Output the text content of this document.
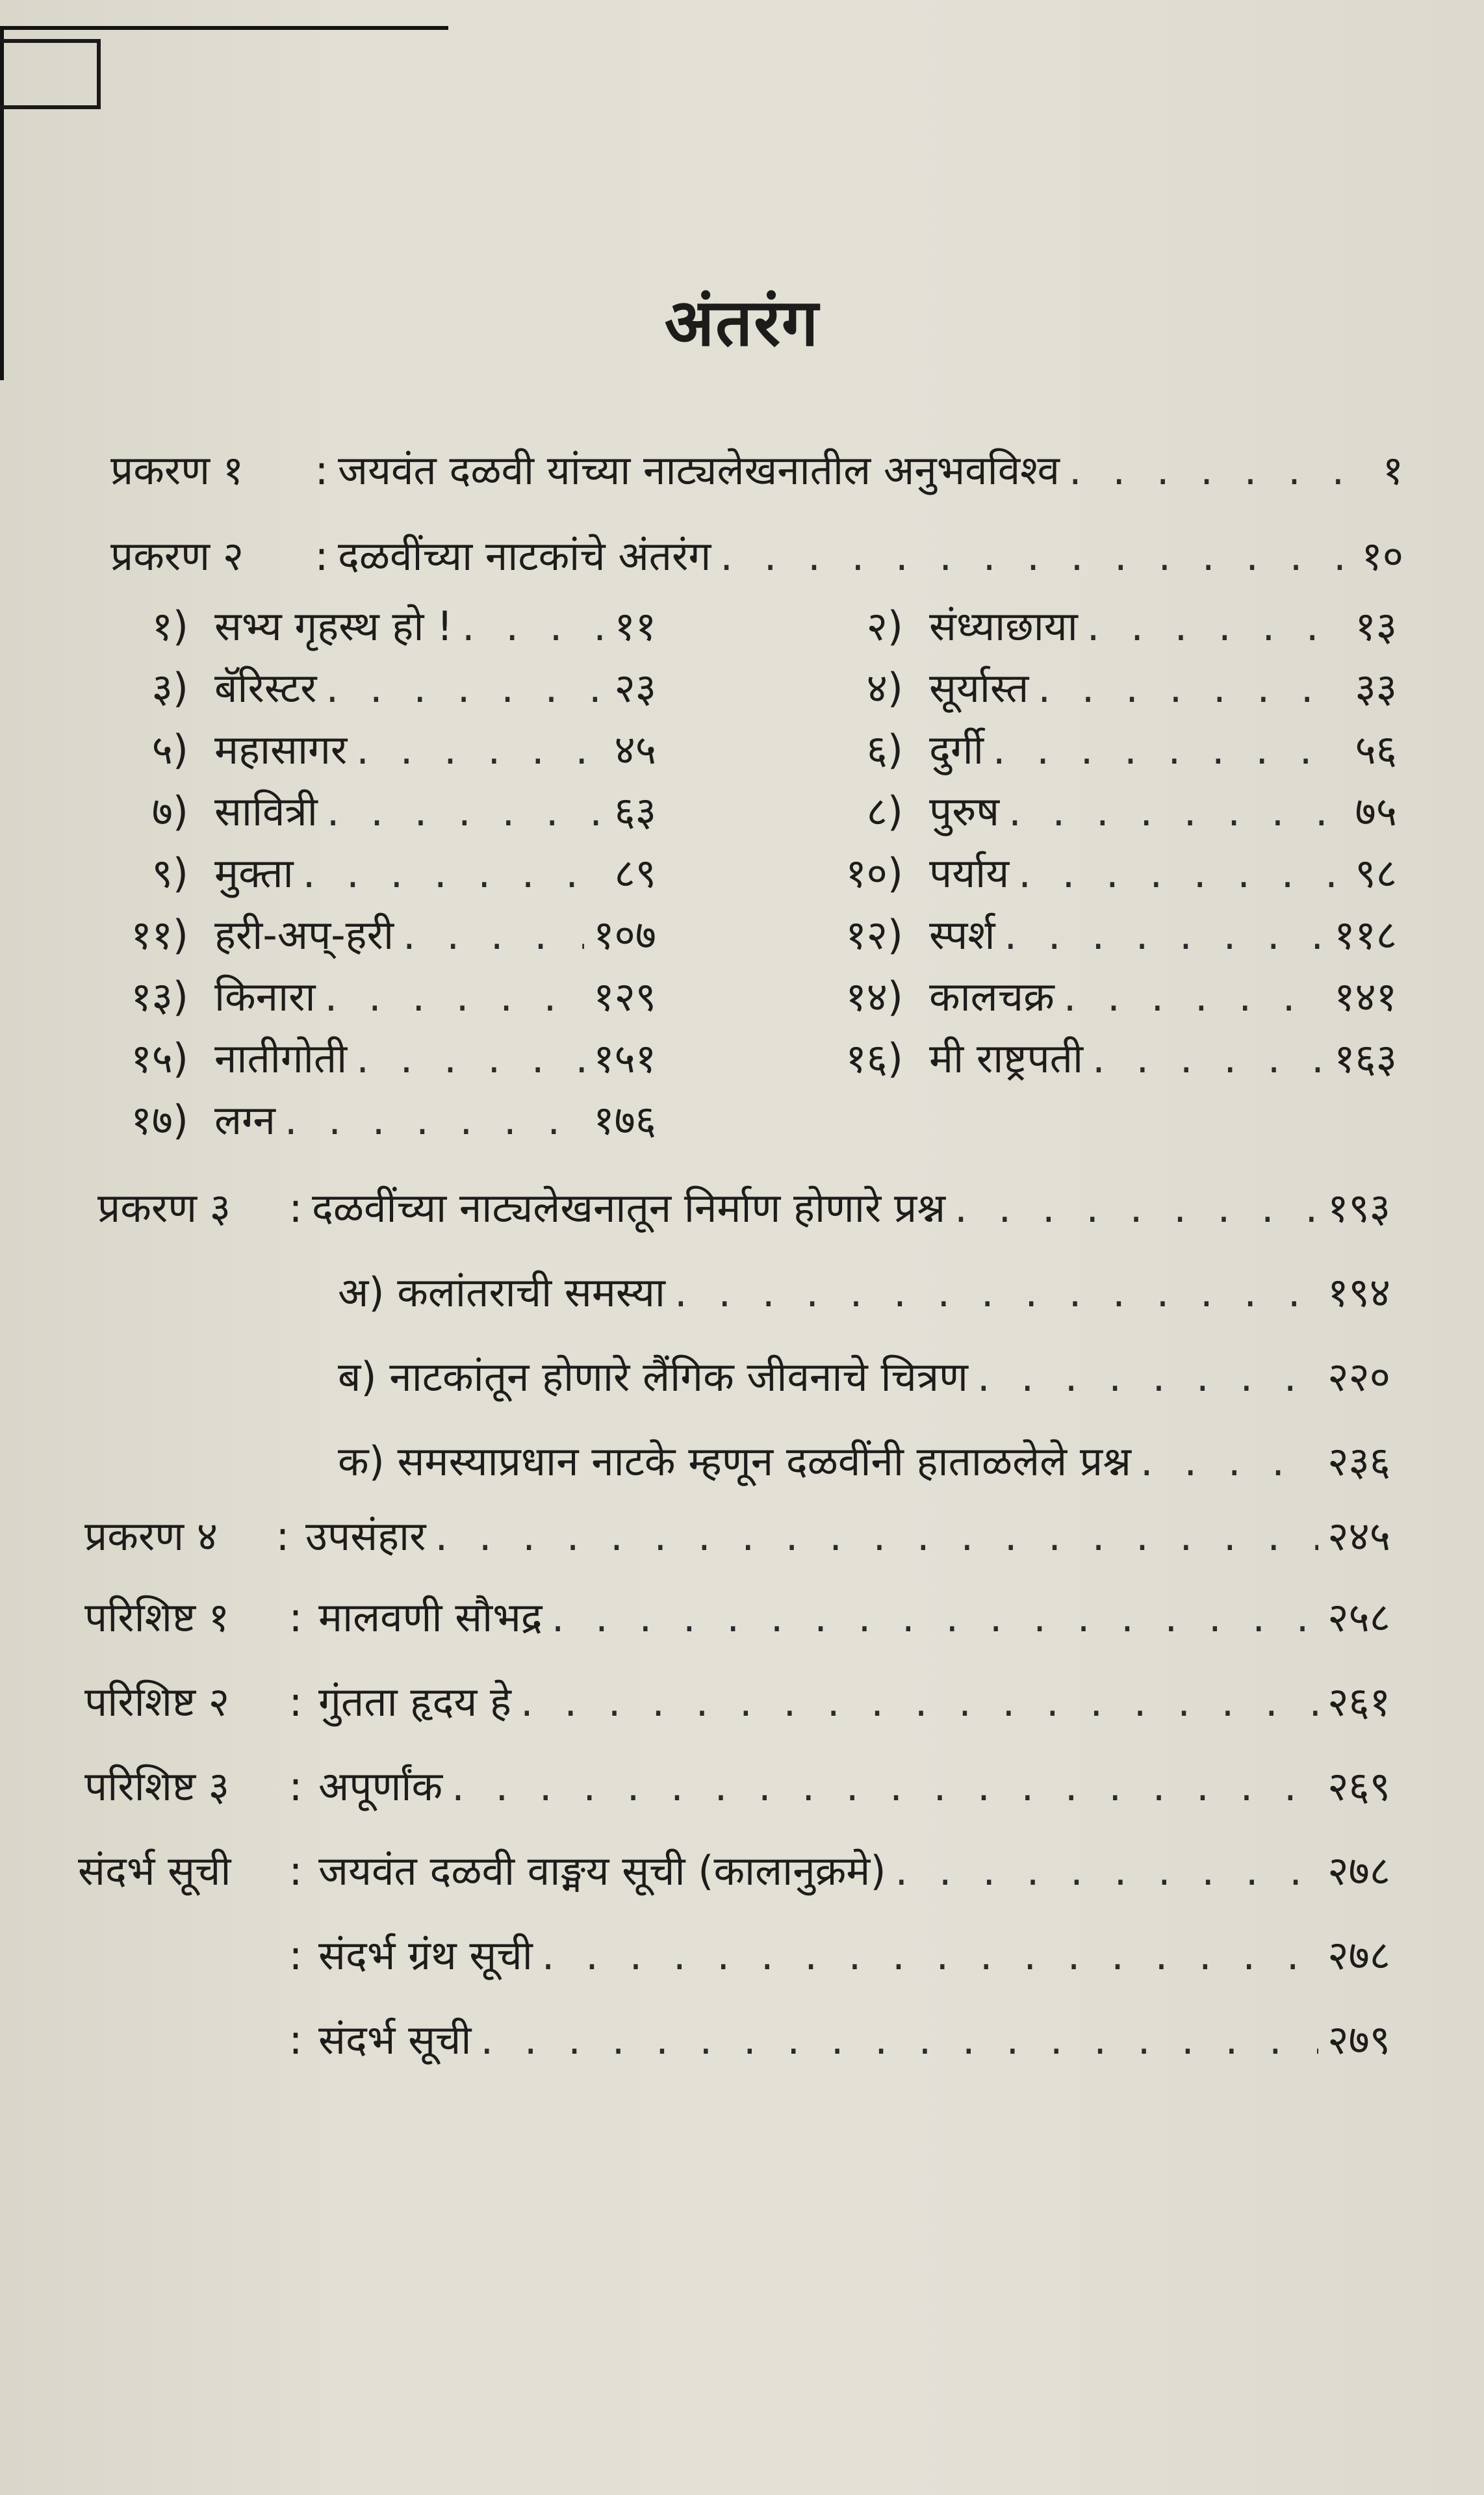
अंतरंग
प्रकरण १	: जयवंत दळवी यांच्या नाट्यलेखनातील अनुभवविश्व . . .	१
प्रकरण २	: दळवींच्या नाटकांचे अंतरंग . . .	१०
१) सभ्य गृहस्थ हो ! . . .	११
३) बॅरिस्टर . . .	२३
५) महासागर . . .	४५
७) सावित्री . . .	६३
९) मुक्ता . . .	८९
११) हरी-अप्-हरी . . .	१०७
१३) किनारा . . .	१२९
१५) नातीगोती . . .	१५१
१७) लग्न . . .	१७६
२) संध्याछाया . . .	१३
४) सूर्यास्त . . .	३३
६) दुर्गी . . .	५६
८) पुरुष . . .	७५
१०) पर्याय . . .	९८
१२) स्पर्श . . .	११८
१४) कालचक्र . . .	१४१
१६) मी राष्ट्रपती . . .	१६३
प्रकरण ३	: दळवींच्या नाट्यलेखनातून निर्माण होणारे प्रश्न . . .	१९३
अ) कलांतराची समस्या . . .	१९४
ब) नाटकांतून होणारे लैंगिक जीवनाचे चित्रण . . .	२२०
क) समस्याप्रधान नाटके म्हणून दळवींनी हाताळलेले प्रश्न . . .	२३६
प्रकरण ४	: उपसंहार . . .	२४५
परिशिष्ट १	: मालवणी सौभद्र . . .	२५८
परिशिष्ट २	: गुंतता हृदय हे . . .	२६१
परिशिष्ट ३	: अपूर्णांक . . .	२६९
संदर्भ सूची	: जयवंत दळवी वाङ्मय सूची (कालानुक्रमे) . . .	२७८
: संदर्भ ग्रंथ सूची . . .	२७८
: संदर्भ सूची . . .	२७९
